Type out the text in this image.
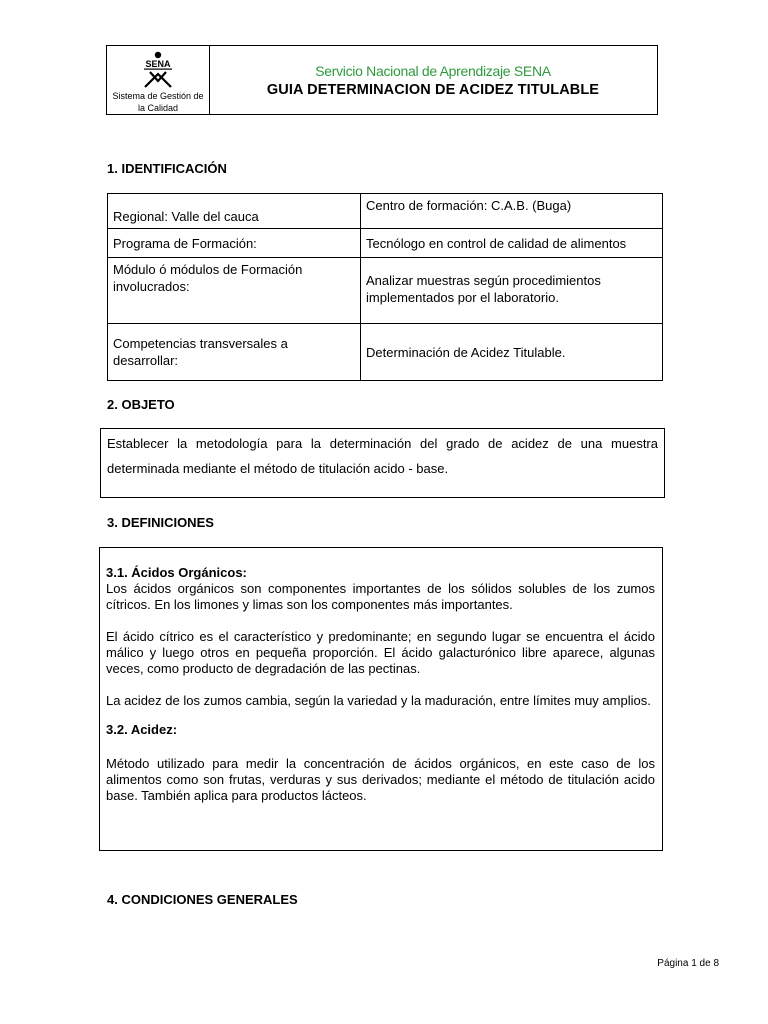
SENA
Sistema de Gestión de la Calidad
Servicio Nacional de Aprendizaje SENA
GUIA DETERMINACION DE ACIDEZ TITULABLE
1. IDENTIFICACIÓN
Regional: Valle del cauca	Centro de formación: C.A.B. (Buga)
Programa de Formación:	Tecnólogo en control de calidad de alimentos
Módulo ó módulos de Formación involucrados:	Analizar muestras según procedimientos implementados por el laboratorio.
Competencias transversales a desarrollar:	Determinación de Acidez Titulable.
2. OBJETO

Establecer la metodología para la determinación del grado de acidez de una muestra determinada mediante el método de titulación acido - base.

3. DEFINICIONES

3.1. Ácidos Orgánicos:

Los ácidos orgánicos son componentes importantes de los sólidos solubles de los zumos cítricos. En los limones y limas son los componentes más importantes.

El ácido cítrico es el característico y predominante; en segundo lugar se encuentra el ácido málico y luego otros en pequeña proporción. El ácido galacturónico libre aparece, algunas veces, como producto de degradación de las pectinas.

La acidez de los zumos cambia, según la variedad y la maduración, entre límites muy amplios.

3.2. Acidez:

Método utilizado para medir la concentración de ácidos orgánicos, en este caso de los alimentos como son frutas, verduras y sus derivados; mediante el método de titulación acido base. También aplica para productos lácteos.

4. CONDICIONES GENERALES
Página 1 de 8
